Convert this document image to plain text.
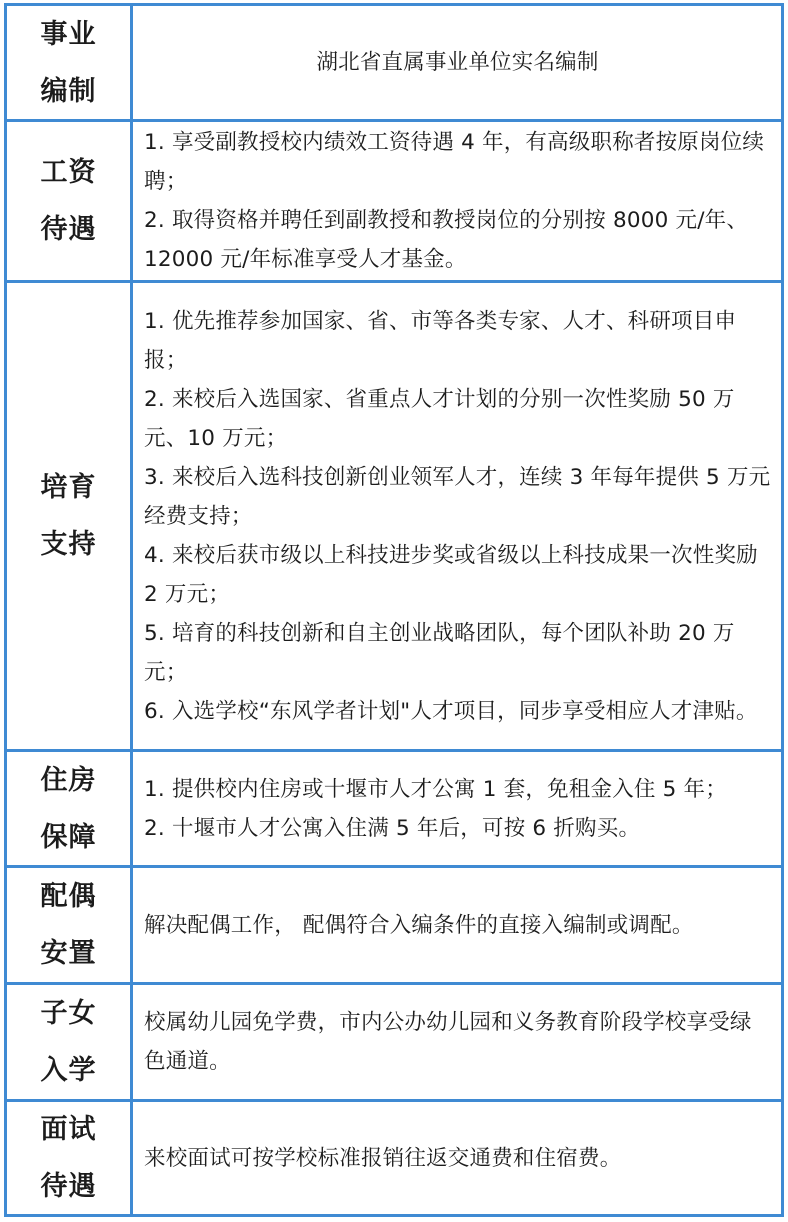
事业
编制

湖北省直属事业单位实名编制

工资
待遇

1. 享受副教授校内绩效工资待遇 4 年，有高级职称者按原岗位续聘；

2. 取得资格并聘任到副教授和教授岗位的分别按 8000 元/年、12000 元/年标准享受人才基金。

培育
支持

1. 优先推荐参加国家、省、市等各类专家、人才、科研项目申报；

2. 来校后入选国家、省重点人才计划的分别一次性奖励 50 万元、10 万元；

3. 来校后入选科技创新创业领军人才，连续 3 年每年提供 5 万元经费支持；

4. 来校后获市级以上科技进步奖或省级以上科技成果一次性奖励 2 万元；

5. 培育的科技创新和自主创业战略团队，每个团队补助 20 万元；

6. 入选学校“东风学者计划"人才项目，同步享受相应人才津贴。

住房
保障

1. 提供校内住房或十堰市人才公寓 1 套，免租金入住 5 年；

2. 十堰市人才公寓入住满 5 年后，可按 6 折购买。

配偶
安置

解决配偶工作， 配偶符合入编条件的直接入编制或调配。

子女
入学

校属幼儿园免学费，市内公办幼儿园和义务教育阶段学校享受绿色通道。

面试
待遇

来校面试可按学校标准报销往返交通费和住宿费。
